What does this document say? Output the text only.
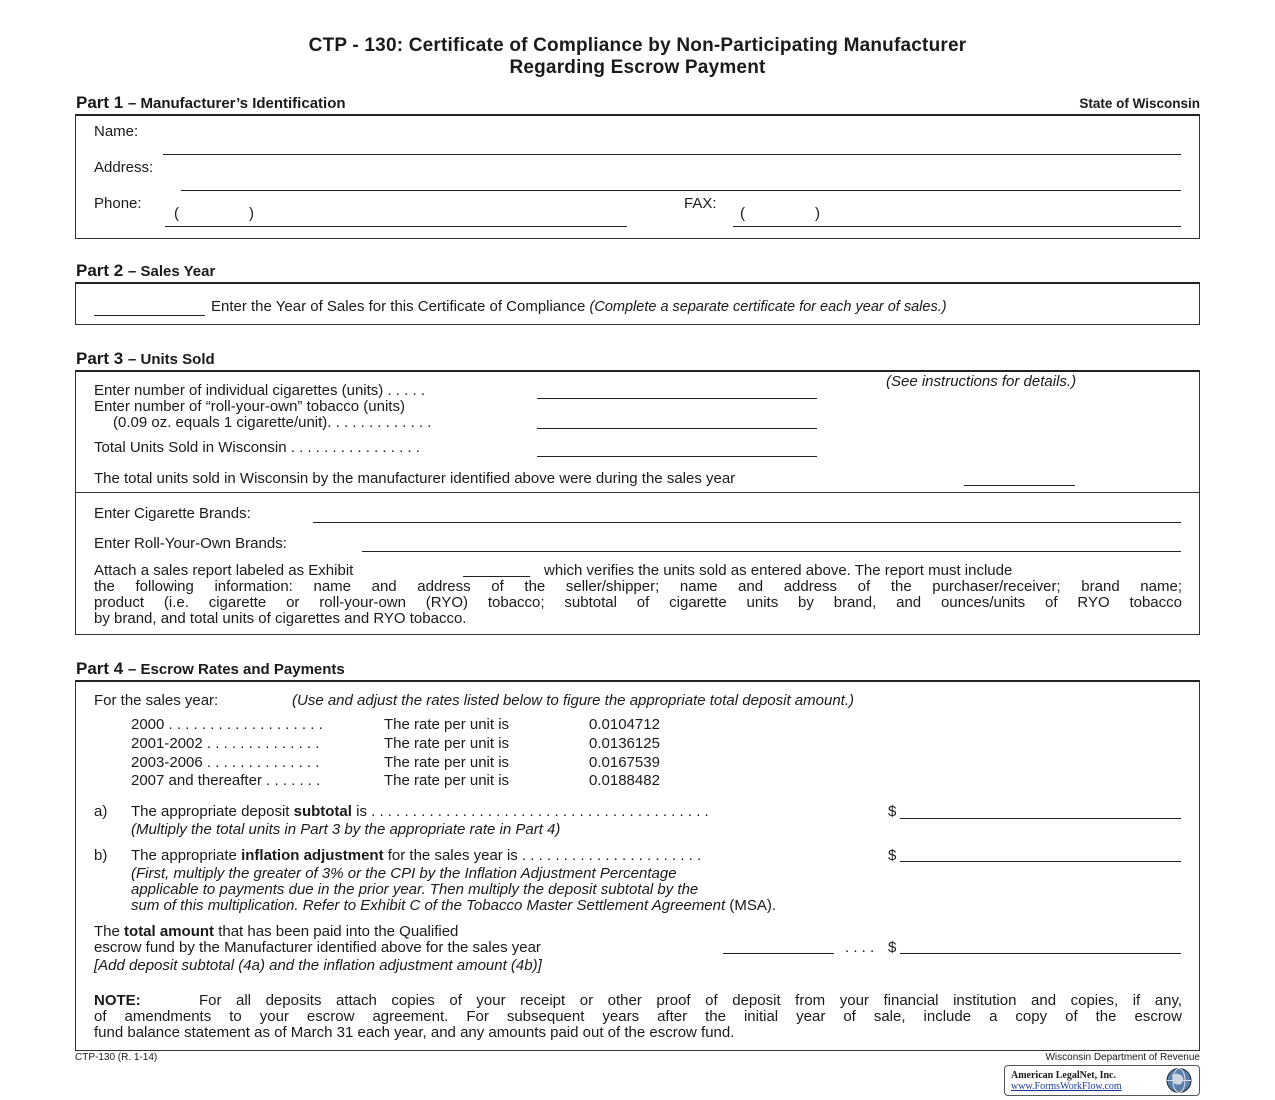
CTP - 130: Certificate of Compliance by Non-Participating Manufacturer
Regarding Escrow Payment
Part 1 – Manufacturer’s Identification	State of Wisconsin
Name:
Address:
Phone:
(	)
FAX:
(	)
Part 2 – Sales Year
Enter the Year of Sales for this Certificate of Compliance (Complete a separate certificate for each year of sales.)
Part 3 – Units Sold
(See instructions for details.)
Enter number of individual cigarettes (units) . . . . .
Enter number of “roll-your-own” tobacco (units)
(0.09 oz. equals 1 cigarette/unit). . . . . . . . . . . . .
Total Units Sold in Wisconsin . . . . . . . . . . . . . . . .
The total units sold in Wisconsin by the manufacturer identified above were during the sales year
Enter Cigarette Brands:
Enter Roll-Your-Own Brands:
Attach a sales report labeled as Exhibit	which verifies the units sold as entered above. The report must include
the following information: name and address of the seller/shipper; name and address of the purchaser/receiver; brand name;
product (i.e. cigarette or roll-your-own (RYO) tobacco; subtotal of cigarette units by brand, and ounces/units of RYO tobacco
by brand, and total units of cigarettes and RYO tobacco.
Part 4 – Escrow Rates and Payments
For the sales year:	(Use and adjust the rates listed below to figure the appropriate total deposit amount.)
2000 . . . . . . . . . . . . . . . . . . .	The rate per unit is	0.0104712
2001-2002 . . . . . . . . . . . . . .	The rate per unit is	0.0136125
2003-2006 . . . . . . . . . . . . . .	The rate per unit is	0.0167539
2007 and thereafter . . . . . . .	The rate per unit is	0.0188482
a) The appropriate deposit subtotal is . . . . . . . . . . . . . . . . . . . . . . . . . . . . . . . . . . . . . . . . .	$
(Multiply the total units in Part 3 by the appropriate rate in Part 4)
b) The appropriate inflation adjustment for the sales year is . . . . . . . . . . . . . . . . . . . . . .	$
(First, multiply the greater of 3% or the CPI by the Inflation Adjustment Percentage
applicable to payments due in the prior year. Then multiply the deposit subtotal by the
sum of this multiplication. Refer to Exhibit C of the Tobacco Master Settlement Agreement (MSA).
The total amount that has been paid into the Qualified
escrow fund by the Manufacturer identified above for the sales year	. . . . $
[Add deposit subtotal (4a) and the inflation adjustment amount (4b)]
NOTE:	For all deposits attach copies of your receipt or other proof of deposit from your financial institution and copies, if any,
of amendments to your escrow agreement. For subsequent years after the initial year of sale, include a copy of the escrow
fund balance statement as of March 31 each year, and any amounts paid out of the escrow fund.
CTP-130 (R. 1-14)	Wisconsin Department of Revenue
American LegalNet, Inc.
www.FormsWorkFlow.com
